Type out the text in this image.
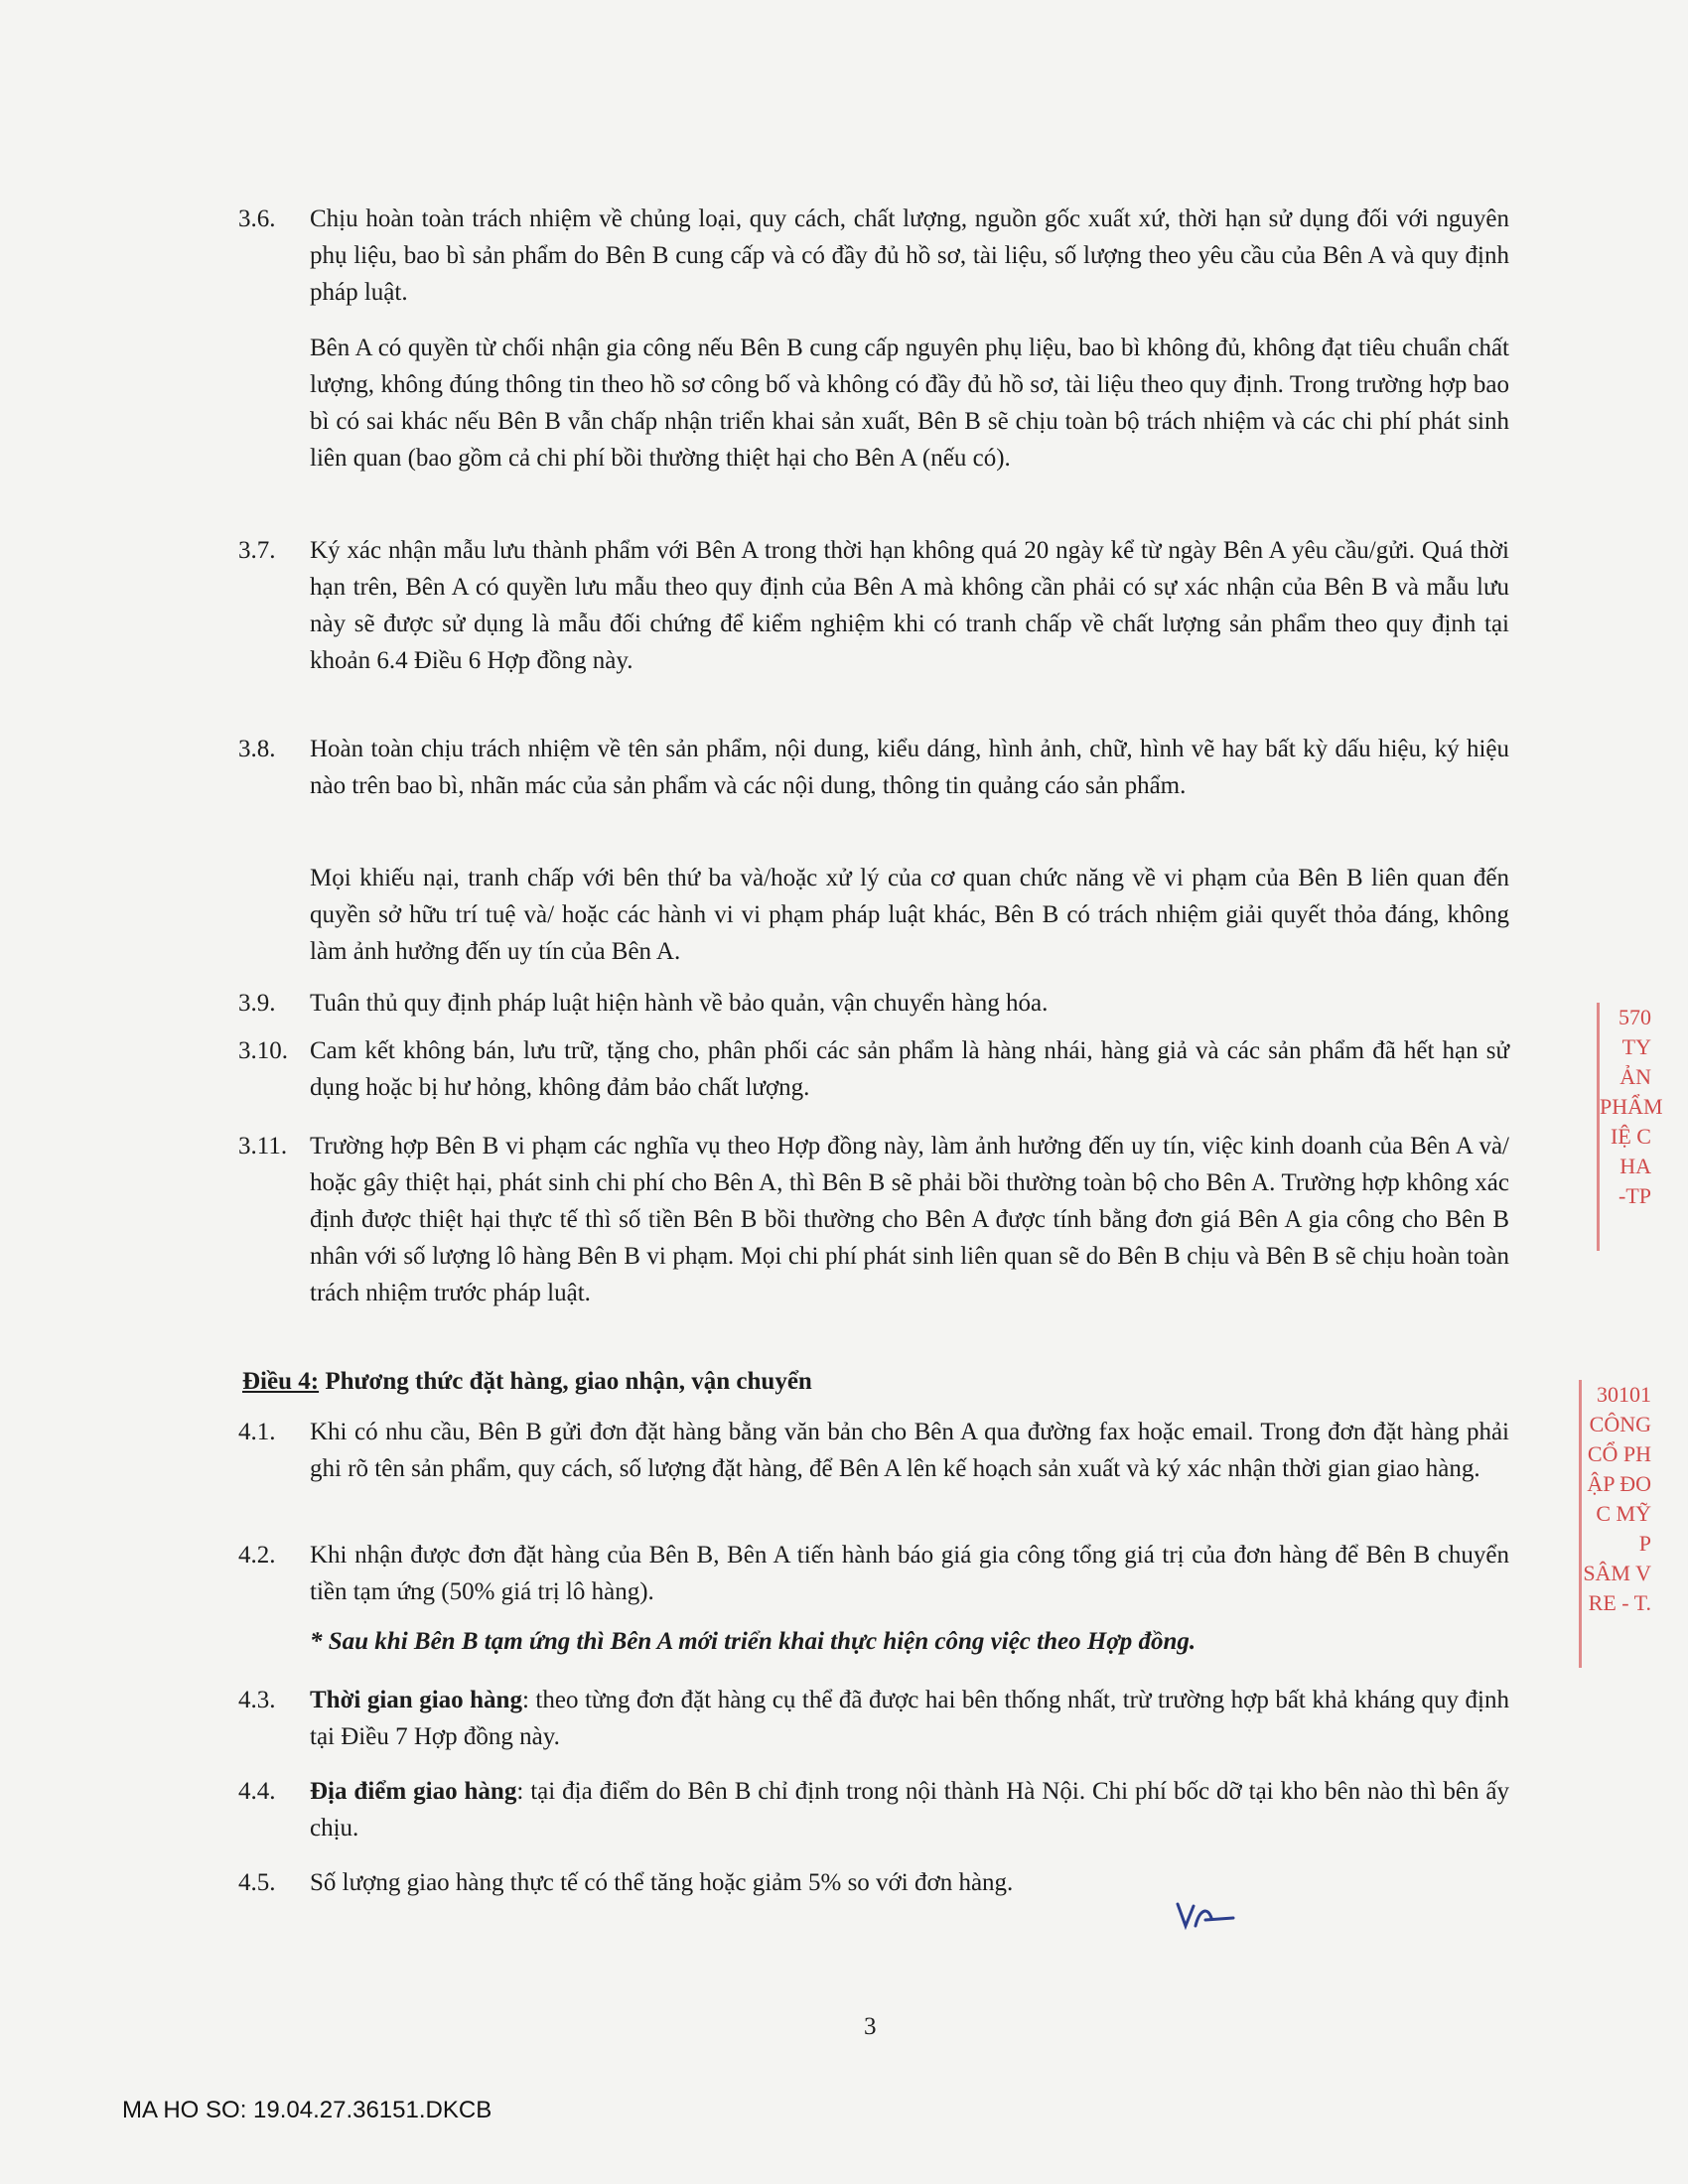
3.6.	Chịu hoàn toàn trách nhiệm về chủng loại, quy cách, chất lượng, nguồn gốc xuất xứ, thời hạn sử dụng đối với nguyên phụ liệu, bao bì sản phẩm do Bên B cung cấp và có đầy đủ hồ sơ, tài liệu, số lượng theo yêu cầu của Bên A và quy định pháp luật.
Bên A có quyền từ chối nhận gia công nếu Bên B cung cấp nguyên phụ liệu, bao bì không đủ, không đạt tiêu chuẩn chất lượng, không đúng thông tin theo hồ sơ công bố và không có đầy đủ hồ sơ, tài liệu theo quy định. Trong trường hợp bao bì có sai khác nếu Bên B vẫn chấp nhận triển khai sản xuất, Bên B sẽ chịu toàn bộ trách nhiệm và các chi phí phát sinh liên quan (bao gồm cả chi phí bồi thường thiệt hại cho Bên A (nếu có).
3.7.	Ký xác nhận mẫu lưu thành phẩm với Bên A trong thời hạn không quá 20 ngày kể từ ngày Bên A yêu cầu/gửi. Quá thời hạn trên, Bên A có quyền lưu mẫu theo quy định của Bên A mà không cần phải có sự xác nhận của Bên B và mẫu lưu này sẽ được sử dụng là mẫu đối chứng để kiểm nghiệm khi có tranh chấp về chất lượng sản phẩm theo quy định tại khoản 6.4 Điều 6 Hợp đồng này.
3.8.	Hoàn toàn chịu trách nhiệm về tên sản phẩm, nội dung, kiểu dáng, hình ảnh, chữ, hình vẽ hay bất kỳ dấu hiệu, ký hiệu nào trên bao bì, nhãn mác của sản phẩm và các nội dung, thông tin quảng cáo sản phẩm.
Mọi khiếu nại, tranh chấp với bên thứ ba và/hoặc xử lý của cơ quan chức năng về vi phạm của Bên B liên quan đến quyền sở hữu trí tuệ và/ hoặc các hành vi vi phạm pháp luật khác, Bên B có trách nhiệm giải quyết thỏa đáng, không làm ảnh hưởng đến uy tín của Bên A.
3.9.	Tuân thủ quy định pháp luật hiện hành về bảo quản, vận chuyển hàng hóa.
3.10. Cam kết không bán, lưu trữ, tặng cho, phân phối các sản phẩm là hàng nhái, hàng giả và các sản phẩm đã hết hạn sử dụng hoặc bị hư hỏng, không đảm bảo chất lượng.
3.11. Trường hợp Bên B vi phạm các nghĩa vụ theo Hợp đồng này, làm ảnh hưởng đến uy tín, việc kinh doanh của Bên A và/ hoặc gây thiệt hại, phát sinh chi phí cho Bên A, thì Bên B sẽ phải bồi thường toàn bộ cho Bên A. Trường hợp không xác định được thiệt hại thực tế thì số tiền Bên B bồi thường cho Bên A được tính bằng đơn giá Bên A gia công cho Bên B nhân với số lượng lô hàng Bên B vi phạm. Mọi chi phí phát sinh liên quan sẽ do Bên B chịu và Bên B sẽ chịu hoàn toàn trách nhiệm trước pháp luật.
Điều 4: Phương thức đặt hàng, giao nhận, vận chuyển
4.1.	Khi có nhu cầu, Bên B gửi đơn đặt hàng bằng văn bản cho Bên A qua đường fax hoặc email. Trong đơn đặt hàng phải ghi rõ tên sản phẩm, quy cách, số lượng đặt hàng, để Bên A lên kế hoạch sản xuất và ký xác nhận thời gian giao hàng.
4.2.	Khi nhận được đơn đặt hàng của Bên B, Bên A tiến hành báo giá gia công tổng giá trị của đơn hàng để Bên B chuyển tiền tạm ứng (50% giá trị lô hàng).
* Sau khi Bên B tạm ứng thì Bên A mới triển khai thực hiện công việc theo Hợp đồng.
4.3.	Thời gian giao hàng: theo từng đơn đặt hàng cụ thể đã được hai bên thống nhất, trừ trường hợp bất khả kháng quy định tại Điều 7 Hợp đồng này.
4.4.	Địa điểm giao hàng: tại địa điểm do Bên B chỉ định trong nội thành Hà Nội. Chi phí bốc dỡ tại kho bên nào thì bên ấy chịu.
4.5.	Số lượng giao hàng thực tế có thể tăng hoặc giảm 5% so với đơn hàng.
570
TY
ẢN
PHẨM
IỆ C
HA
-TP
30101
CÔNG
CỔ PH
ẬP ĐO
C MỸ P
SÂM V
RE - T.
3
MA HO SO: 19.04.27.36151.DKCB
